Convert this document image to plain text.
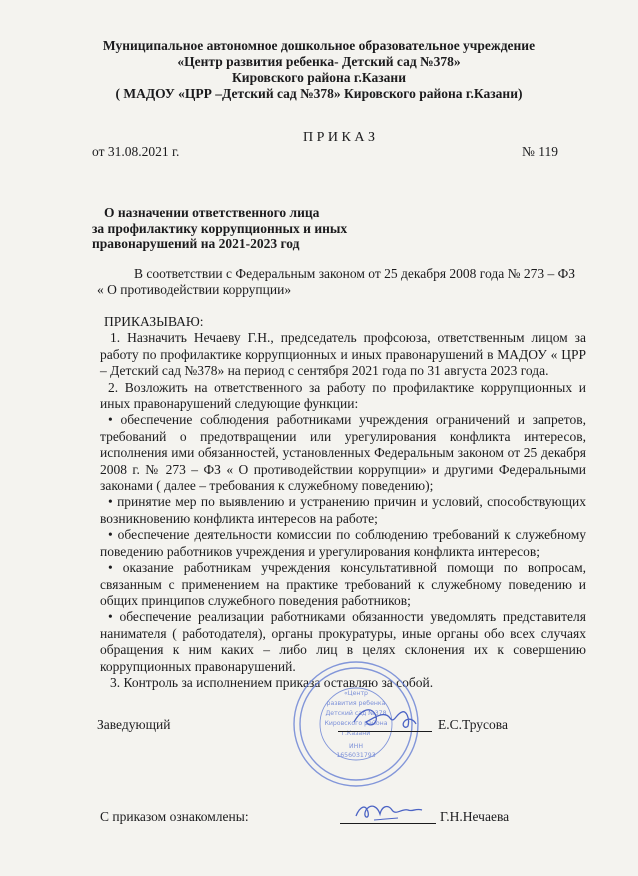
Муниципальное автономное дошкольное образовательное учреждение
«Центр развития ребенка- Детский сад №378»
Кировского района г.Казани
( МАДОУ «ЦРР –Детский сад №378» Кировского района г.Казани)
П Р И К А З
от 31.08.2021 г.	№ 119
О назначении ответственного лица
за профилактику коррупционных и иных
правонарушений на 2021-2023 год
В соответствии с Федеральным законом от 25 декабря 2008 года № 273 – ФЗ
« О противодействии коррупции»

ПРИКАЗЫВАЮ:

1. Назначить Нечаеву Г.Н., председатель профсоюза, ответственным лицом за работу по профилактике коррупционных и иных правонарушений в МАДОУ « ЦРР – Детский сад №378» на период с сентября 2021 года по 31 августа 2023 года.

2. Возложить на ответственного за работу по профилактике коррупционных и иных правонарушений следующие функции:

• обеспечение соблюдения работниками учреждения ограничений и запретов, требований о предотвращении или урегулирования конфликта интересов, исполнения ими обязанностей, установленных Федеральным законом от 25 декабря 2008 г. № 273 – ФЗ « О противодействии коррупции» и другими Федеральными законами ( далее – требования к служебному поведению);

• принятие мер по выявлению и устранению причин и условий, способствующих возникновению конфликта интересов на работе;

• обеспечение деятельности комиссии по соблюдению требований к служебному поведению работников учреждения и урегулирования конфликта интересов;

• оказание работникам учреждения консультативной помощи по вопросам, связанным с применением на практике требований к служебному поведению и общих принципов служебного поведения работников;

• обеспечение реализации работниками обязанности уведомлять представителя нанимателя ( работодателя), органы прокуратуры, иные органы обо всех случаях обращения к ним каких – либо лиц в целях склонения их к совершению коррупционных правонарушений.

3. Контроль за исполнением приказа оставляю за собой.

«Центр
развития ребенка
Детский сад №378
Кировского района
г.Казани
ИНН
1656031793
Заведующий	Е.С.Трусова
С приказом ознакомлены:	Г.Н.Нечаева
